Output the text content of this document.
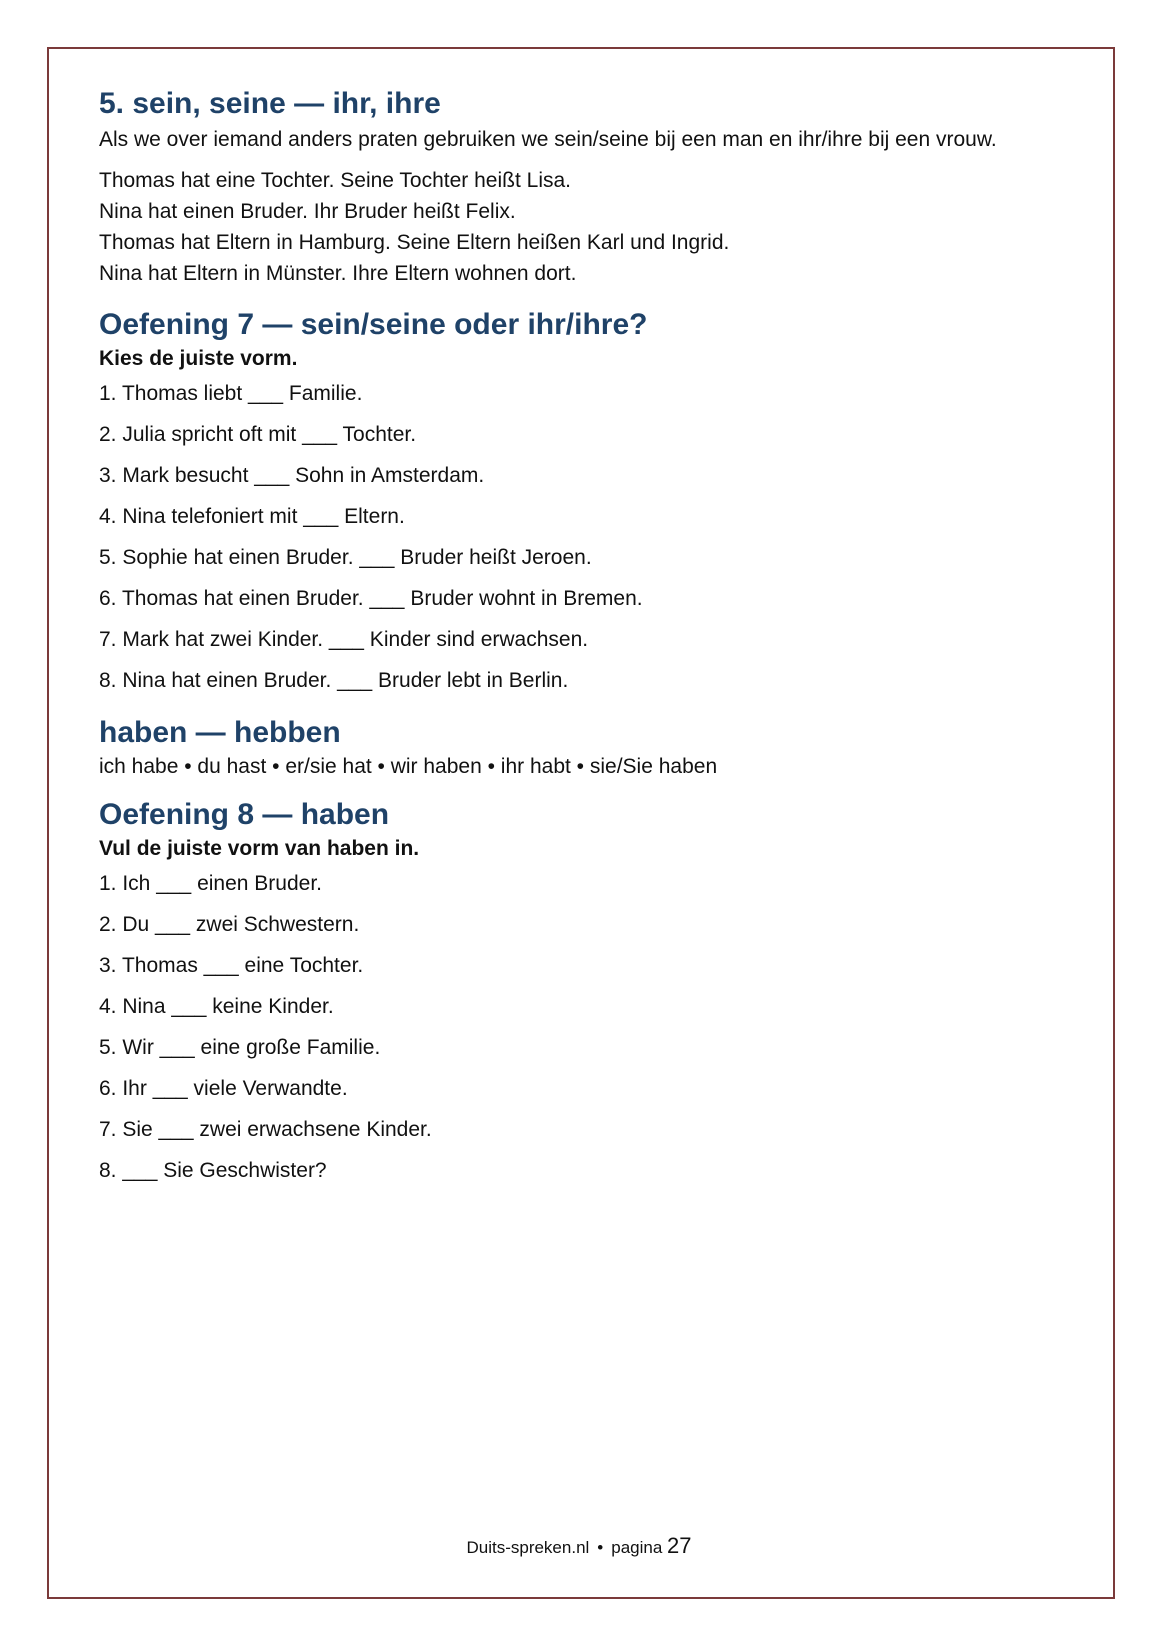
5. sein, seine — ihr, ihre

Als we over iemand anders praten gebruiken we sein/seine bij een man en ihr/ihre bij een vrouw.

Thomas hat eine Tochter. Seine Tochter heißt Lisa.
Nina hat einen Bruder. Ihr Bruder heißt Felix.
Thomas hat Eltern in Hamburg. Seine Eltern heißen Karl und Ingrid.
Nina hat Eltern in Münster. Ihre Eltern wohnen dort.
Oefening 7 — sein/seine oder ihr/ihre?
Kies de juiste vorm.
1. Thomas liebt ___ Familie.
2. Julia spricht oft mit ___ Tochter.
3. Mark besucht ___ Sohn in Amsterdam.
4. Nina telefoniert mit ___ Eltern.
5. Sophie hat einen Bruder. ___ Bruder heißt Jeroen.
6. Thomas hat einen Bruder. ___ Bruder wohnt in Bremen.
7. Mark hat zwei Kinder. ___ Kinder sind erwachsen.
8. Nina hat einen Bruder. ___ Bruder lebt in Berlin.
haben — hebben
ich habe • du hast • er/sie hat • wir haben • ihr habt • sie/Sie haben
Oefening 8 — haben
Vul de juiste vorm van haben in.
1. Ich ___ einen Bruder.
2. Du ___ zwei Schwestern.
3. Thomas ___ eine Tochter.
4. Nina ___ keine Kinder.
5. Wir ___ eine große Familie.
6. Ihr ___ viele Verwandte.
7. Sie ___ zwei erwachsene Kinder.
8. ___ Sie Geschwister?
Duits-spreken.nl • pagina 27
